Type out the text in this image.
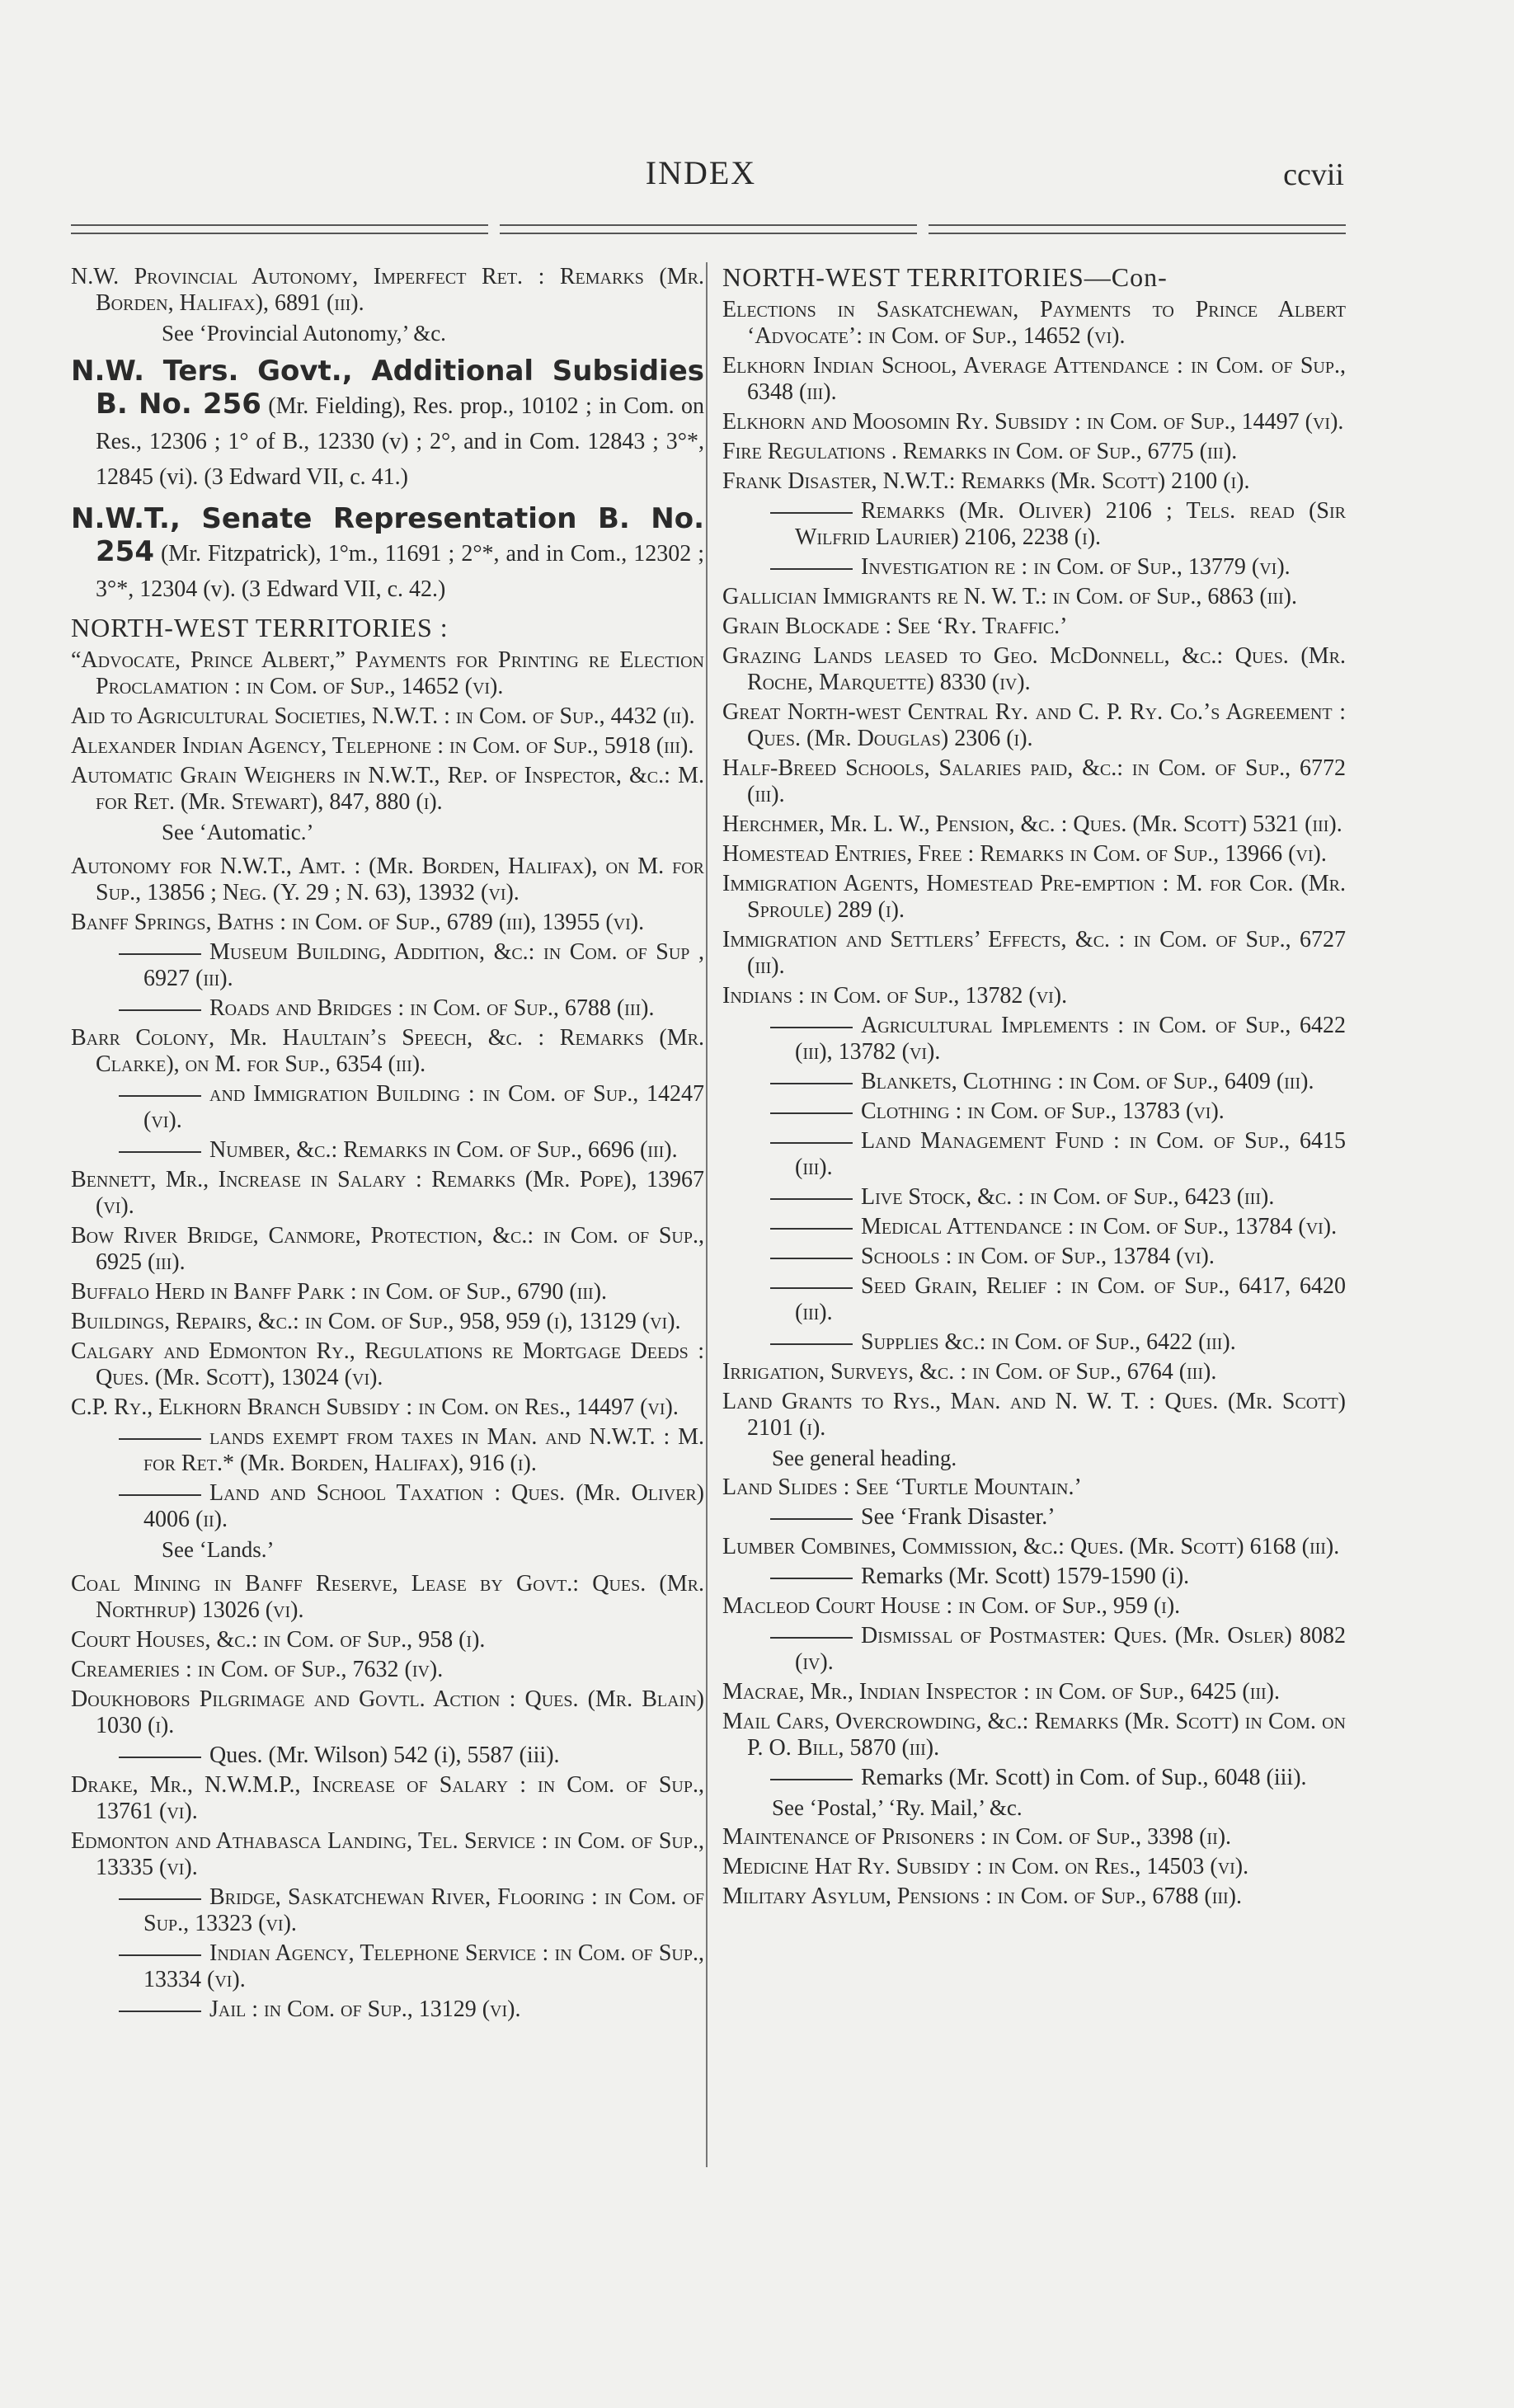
INDEX	ccvii

N.W. Provincial Autonomy, Imperfect Ret. : Remarks (Mr. Borden, Halifax), 6891 (iii).

See ‘Provincial Autonomy,’ &c.

N.W. Ters. Govt., Additional Subsidies B. No. 256 (Mr. Fielding), Res. prop., 10102 ; in Com. on Res., 12306 ; 1° of B., 12330 (v) ; 2°, and in Com. 12843 ; 3°*, 12845 (vi). (3 Edward VII, c. 41.)

N.W.T., Senate Representation B. No. 254 (Mr. Fitzpatrick), 1°m., 11691 ; 2°*, and in Com., 12302 ; 3°*, 12304 (v). (3 Edward VII, c. 42.)

NORTH-WEST TERRITORIES :

“Advocate, Prince Albert,” Payments for Printing re Election Proclamation : in Com. of Sup., 14652 (vi).

Aid to Agricultural Societies, N.W.T. : in Com. of Sup., 4432 (ii).

Alexander Indian Agency, Telephone : in Com. of Sup., 5918 (iii).

Automatic Grain Weighers in N.W.T., Rep. of Inspector, &c.: M. for Ret. (Mr. Stewart), 847, 880 (i).

See ‘Automatic.’

Autonomy for N.W.T., Amt. : (Mr. Borden, Halifax), on M. for Sup., 13856 ; Neg. (Y. 29 ; N. 63), 13932 (vi).

Banff Springs, Baths : in Com. of Sup., 6789 (iii), 13955 (vi).

Museum Building, Addition, &c.: in Com. of Sup , 6927 (iii).

Roads and Bridges : in Com. of Sup., 6788 (iii).

Barr Colony, Mr. Haultain’s Speech, &c. : Remarks (Mr. Clarke), on M. for Sup., 6354 (iii).

and Immigration Building : in Com. of Sup., 14247 (vi).

Number, &c.: Remarks in Com. of Sup., 6696 (iii).

Bennett, Mr., Increase in Salary : Remarks (Mr. Pope), 13967 (vi).

Bow River Bridge, Canmore, Protection, &c.: in Com. of Sup., 6925 (iii).

Buffalo Herd in Banff Park : in Com. of Sup., 6790 (iii).

Buildings, Repairs, &c.: in Com. of Sup., 958, 959 (i), 13129 (vi).

Calgary and Edmonton Ry., Regulations re Mortgage Deeds : Ques. (Mr. Scott), 13024 (vi).

C.P. Ry., Elkhorn Branch Subsidy : in Com. on Res., 14497 (vi).

lands exempt from taxes in Man. and N.W.T. : M. for Ret.* (Mr. Borden, Halifax), 916 (i).

Land and School Taxation : Ques. (Mr. Oliver) 4006 (ii).

See ‘Lands.’

Coal Mining in Banff Reserve, Lease by Govt.: Ques. (Mr. Northrup) 13026 (vi).

Court Houses, &c.: in Com. of Sup., 958 (i).

Creameries : in Com. of Sup., 7632 (iv).

Doukhobors Pilgrimage and Govtl. Action : Ques. (Mr. Blain) 1030 (i).

Ques. (Mr. Wilson) 542 (i), 5587 (iii).

Drake, Mr., N.W.M.P., Increase of Salary : in Com. of Sup., 13761 (vi).

Edmonton and Athabasca Landing, Tel. Service : in Com. of Sup., 13335 (vi).

Bridge, Saskatchewan River, Flooring : in Com. of Sup., 13323 (vi).

Indian Agency, Telephone Service : in Com. of Sup., 13334 (vi).

Jail : in Com. of Sup., 13129 (vi).

NORTH-WEST TERRITORIES—Con-

Elections in Saskatchewan, Payments to Prince Albert ‘Advocate’: in Com. of Sup., 14652 (vi).

Elkhorn Indian School, Average Attendance : in Com. of Sup., 6348 (iii).

Elkhorn and Moosomin Ry. Subsidy : in Com. of Sup., 14497 (vi).

Fire Regulations . Remarks in Com. of Sup., 6775 (iii).

Frank Disaster, N.W.T.: Remarks (Mr. Scott) 2100 (i).

Remarks (Mr. Oliver) 2106 ; Tels. read (Sir Wilfrid Laurier) 2106, 2238 (i).

Investigation re : in Com. of Sup., 13779 (vi).

Gallician Immigrants re N. W. T.: in Com. of Sup., 6863 (iii).

Grain Blockade : See ‘Ry. Traffic.’

Grazing Lands leased to Geo. McDonnell, &c.: Ques. (Mr. Roche, Marquette) 8330 (iv).

Great North-west Central Ry. and C. P. Ry. Co.’s Agreement : Ques. (Mr. Douglas) 2306 (i).

Half-Breed Schools, Salaries paid, &c.: in Com. of Sup., 6772 (iii).

Herchmer, Mr. L. W., Pension, &c. : Ques. (Mr. Scott) 5321 (iii).

Homestead Entries, Free : Remarks in Com. of Sup., 13966 (vi).

Immigration Agents, Homestead Pre-emption : M. for Cor. (Mr. Sproule) 289 (i).

Immigration and Settlers’ Effects, &c. : in Com. of Sup., 6727 (iii).

Indians : in Com. of Sup., 13782 (vi).

Agricultural Implements : in Com. of Sup., 6422 (iii), 13782 (vi).

Blankets, Clothing : in Com. of Sup., 6409 (iii).

Clothing : in Com. of Sup., 13783 (vi).

Land Management Fund : in Com. of Sup., 6415 (iii).

Live Stock, &c. : in Com. of Sup., 6423 (iii).

Medical Attendance : in Com. of Sup., 13784 (vi).

Schools : in Com. of Sup., 13784 (vi).

Seed Grain, Relief : in Com. of Sup., 6417, 6420 (iii).

Supplies &c.: in Com. of Sup., 6422 (iii).

Irrigation, Surveys, &c. : in Com. of Sup., 6764 (iii).

Land Grants to Rys., Man. and N. W. T. : Ques. (Mr. Scott) 2101 (i).

See general heading.

Land Slides : See ‘Turtle Mountain.’

See ‘Frank Disaster.’

Lumber Combines, Commission, &c.: Ques. (Mr. Scott) 6168 (iii).

Remarks (Mr. Scott) 1579-1590 (i).

Macleod Court House : in Com. of Sup., 959 (i).

Dismissal of Postmaster: Ques. (Mr. Osler) 8082 (iv).

Macrae, Mr., Indian Inspector : in Com. of Sup., 6425 (iii).

Mail Cars, Overcrowding, &c.: Remarks (Mr. Scott) in Com. on P. O. Bill, 5870 (iii).

Remarks (Mr. Scott) in Com. of Sup., 6048 (iii).

See ‘Postal,’ ‘Ry. Mail,’ &c.

Maintenance of Prisoners : in Com. of Sup., 3398 (ii).

Medicine Hat Ry. Subsidy : in Com. on Res., 14503 (vi).

Military Asylum, Pensions : in Com. of Sup., 6788 (iii).
